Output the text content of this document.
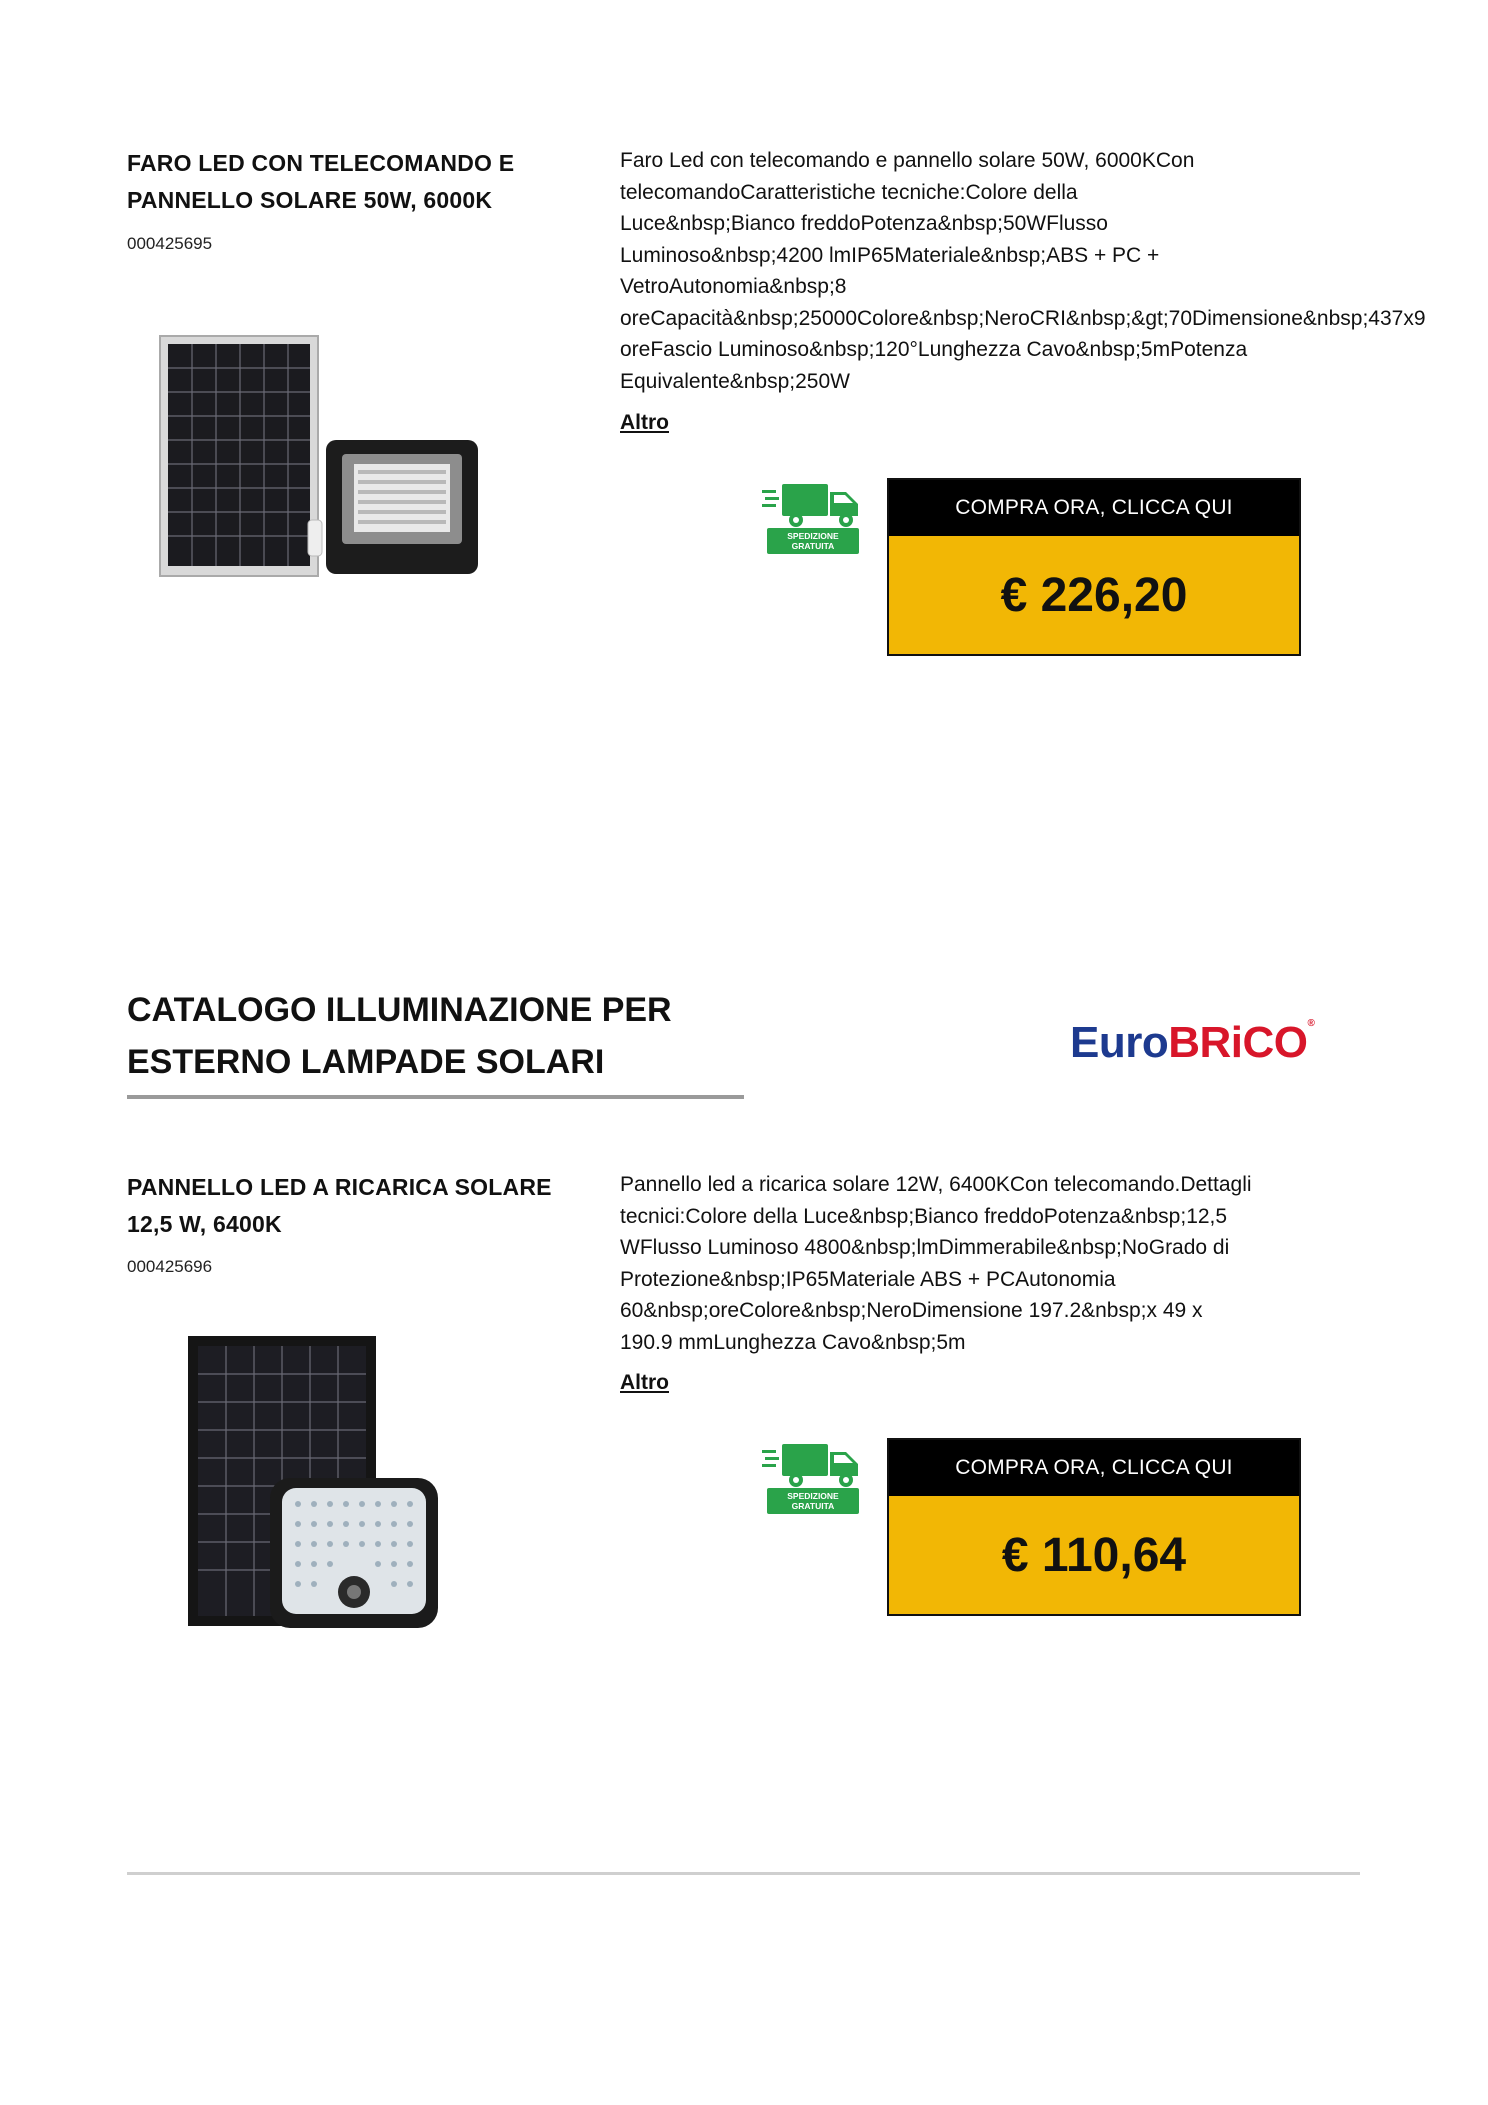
FARO LED CON TELECOMANDO E
PANNELLO SOLARE 50W, 6000K
000425695
Faro Led con telecomando e pannello solare 50W, 6000KCon
telecomandoCaratteristiche tecniche:Colore della
Luce&nbsp;Bianco freddoPotenza&nbsp;50WFlusso
Luminoso&nbsp;4200 lmIP65Materiale&nbsp;ABS + PC +
VetroAutonomia&nbsp;8
oreCapacità&nbsp;25000Colore&nbsp;NeroCRI&nbsp;&gt;70Dimensione&nbsp;437x9
oreFascio Luminoso&nbsp;120°Lunghezza Cavo&nbsp;5mPotenza
Equivalente&nbsp;250W
Altro
SPEDIZIONE
GRATUITA
COMPRA ORA, CLICCA QUI
€ 226,20
CATALOGO ILLUMINAZIONE PER
ESTERNO LAMPADE SOLARI	EuroBRiCO®
PANNELLO LED A RICARICA SOLARE
12,5 W, 6400K
000425696
Pannello led a ricarica solare 12W, 6400KCon telecomando.Dettagli
tecnici:Colore della Luce&nbsp;Bianco freddoPotenza&nbsp;12,5
WFlusso Luminoso 4800&nbsp;lmDimmerabile&nbsp;NoGrado di
Protezione&nbsp;IP65Materiale ABS + PCAutonomia
60&nbsp;oreColore&nbsp;NeroDimensione 197.2&nbsp;x 49 x
190.9 mmLunghezza Cavo&nbsp;5m
Altro
SPEDIZIONE
GRATUITA
COMPRA ORA, CLICCA QUI
€ 110,64
